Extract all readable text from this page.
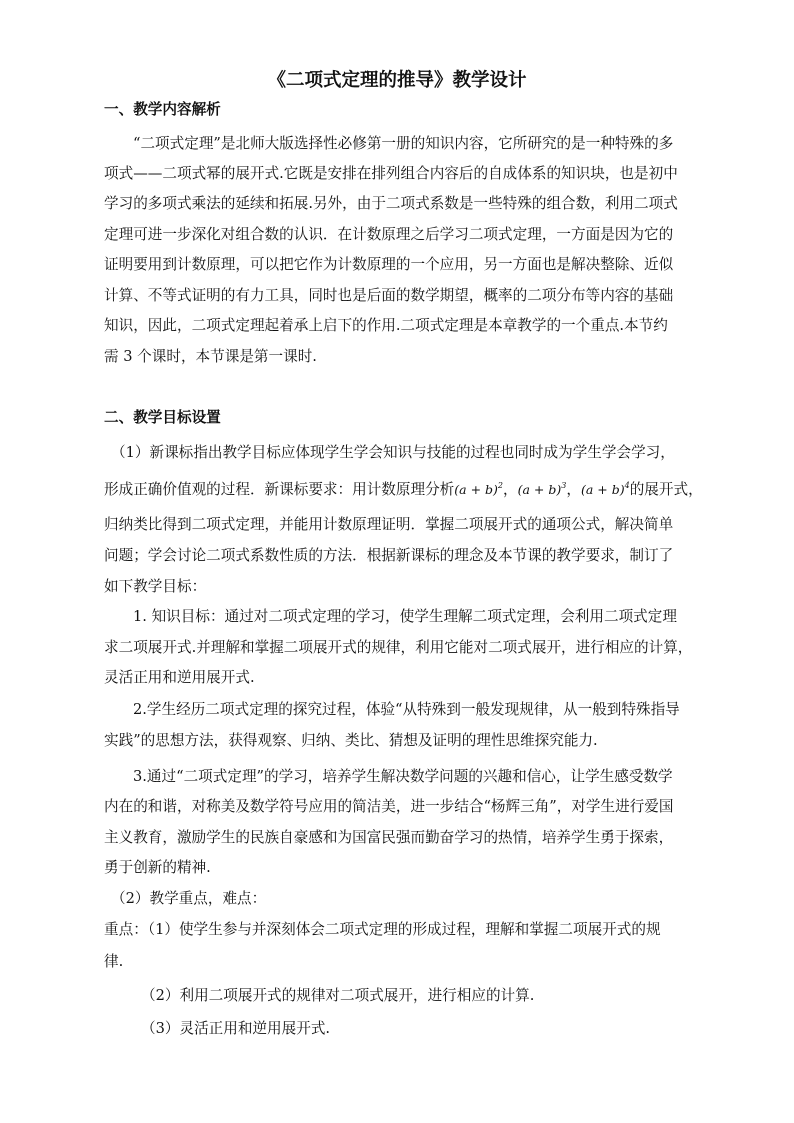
《二项式定理的推导》教学设计
一、教学内容解析
“二项式定理”是北师大版选择性必修第一册的知识内容，它所研究的是一种特殊的多
项式——二项式幂的展开式.它既是安排在排列组合内容后的自成体系的知识块，也是初中
学习的多项式乘法的延续和拓展.另外，由于二项式系数是一些特殊的组合数，利用二项式
定理可进一步深化对组合数的认识．在计数原理之后学习二项式定理，一方面是因为它的
证明要用到计数原理，可以把它作为计数原理的一个应用，另一方面也是解决整除、近似
计算、不等式证明的有力工具，同时也是后面的数学期望，概率的二项分布等内容的基础
知识，因此，二项式定理起着承上启下的作用.二项式定理是本章教学的一个重点.本节约
需 3 个课时，本节课是第一课时.
二、教学目标设置
（1）新课标指出教学目标应体现学生学会知识与技能的过程也同时成为学生学会学习，
形成正确价值观的过程．新课标要求：用计数原理分析$(a + b)^2$，$(a + b)^3$，$(a + b)^4$的展开式，
归纳类比得到二项式定理，并能用计数原理证明．掌握二项展开式的通项公式，解决简单
问题；学会讨论二项式系数性质的方法．根据新课标的理念及本节课的教学要求，制订了
如下教学目标：
1. 知识目标：通过对二项式定理的学习，使学生理解二项式定理，会利用二项式定理
求二项展开式.并理解和掌握二项展开式的规律，利用它能对二项式展开，进行相应的计算，
灵活正用和逆用展开式.
2.学生经历二项式定理的探究过程，体验“从特殊到一般发现规律，从一般到特殊指导
实践”的思想方法，获得观察、归纳、类比、猜想及证明的理性思维探究能力.
3.通过“二项式定理”的学习，培养学生解决数学问题的兴趣和信心，让学生感受数学
内在的和谐，对称美及数学符号应用的简洁美，进一步结合“杨辉三角”，对学生进行爱国
主义教育，激励学生的民族自豪感和为国富民强而勤奋学习的热情，培养学生勇于探索，
勇于创新的精神.
（2）教学重点，难点：
重点：（1）使学生参与并深刻体会二项式定理的形成过程，理解和掌握二项展开式的规
律.
（2）利用二项展开式的规律对二项式展开，进行相应的计算.
（3）灵活正用和逆用展开式.
